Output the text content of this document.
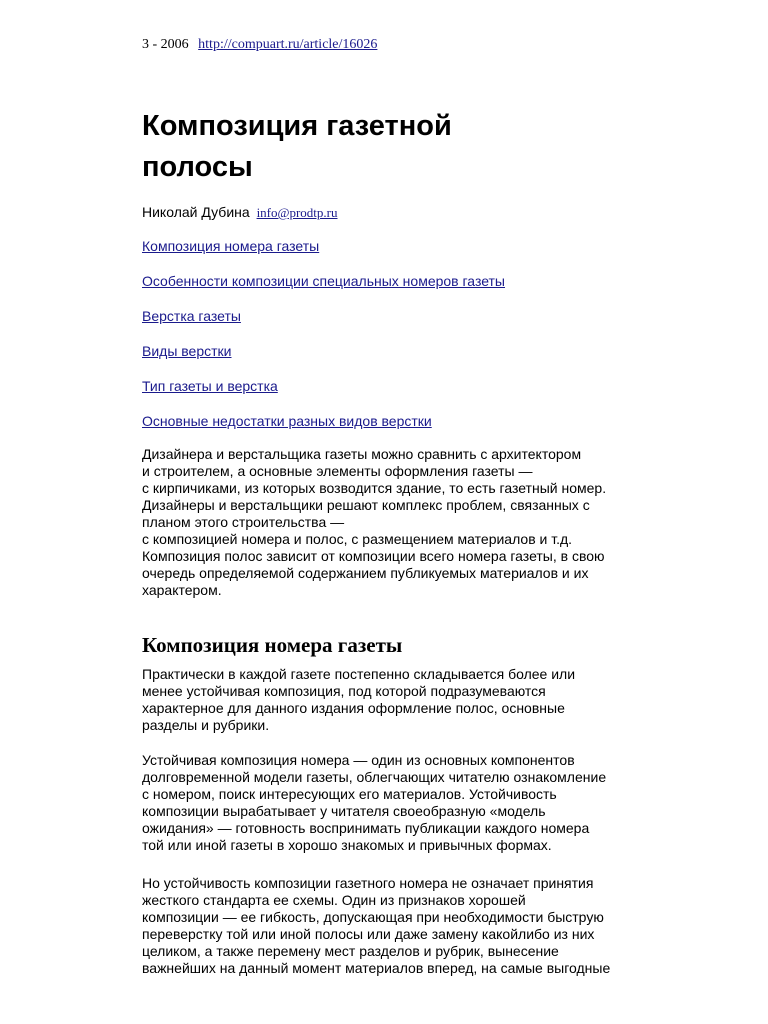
3 - 2006 http://compuart.ru/article/16026
Композиция газетной
полосы
Николай Дубина info@prodtp.ru
Композиция номера газеты
Особенности композиции специальных номеров газеты
Верстка газеты
Виды верстки
Тип газеты и верстка
Основные недостатки разных видов верстки

Дизайнера и верстальщика газеты можно сравнить с архитектором
и строителем, а основные элементы оформления газеты —
с кирпичиками, из которых возводится здание, то есть газетный номер.
Дизайнеры и верстальщики решают комплекс проблем, связанных с
планом этого строительства —
с композицией номера и полос, с размещением материалов и т.д.
Композиция полос зависит от композиции всего номера газеты, в свою
очередь определяемой содержанием публикуемых материалов и их
характером.

Композиция номера газеты

Практически в каждой газете постепенно складывается более или
менее устойчивая композиция, под которой подразумеваются
характерное для данного издания оформление полос, основные
разделы и рубрики.

Устойчивая композиция номера — один из основных компонентов
долговременной модели газеты, облегчающих читателю ознакомление
с номером, поиск интересующих его материалов. Устойчивость
композиции вырабатывает у читателя своеобразную «модель
ожидания» — готовность воспринимать публикации каждого номера
той или иной газеты в хорошо знакомых и привычных формах.

Но устойчивость композиции газетного номера не означает принятия
жесткого стандарта ее схемы. Один из признаков хорошей
композиции — ее гибкость, допускающая при необходимости быструю
переверстку той или иной полосы или даже замену какойлибо из них
целиком, а также перемену мест разделов и рубрик, вынесение
важнейших на данный момент материалов вперед, на самые выгодные
